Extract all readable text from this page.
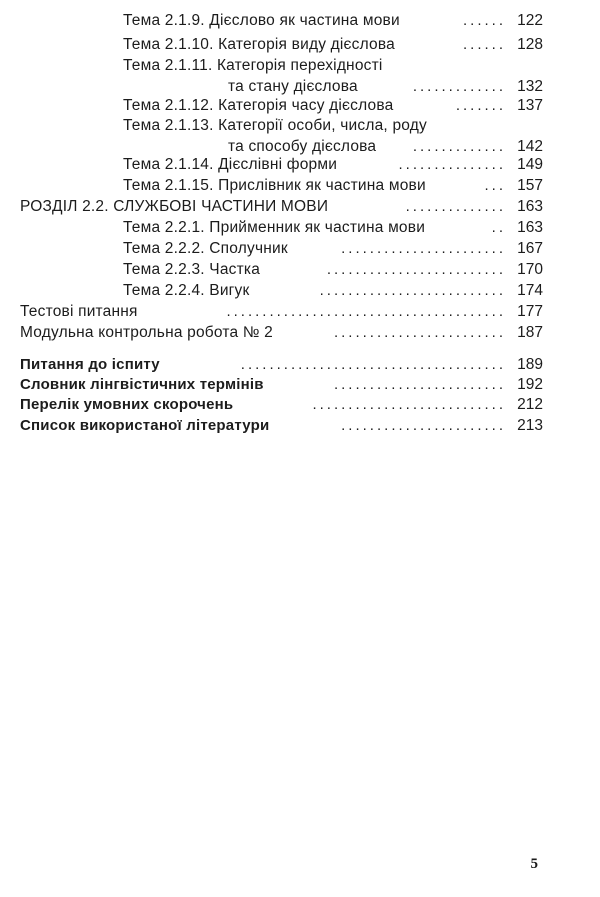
Тема 2.1.9. Дієслово як частина мови	...... 122
Тема 2.1.10. Категорія виду дієслова	...... 128
Тема 2.1.11. Категорія перехідності
та стану дієслова	............. 132
Тема 2.1.12. Категорія часу дієслова	....... 137
Тема 2.1.13. Категорії особи, числа, роду
та способу дієслова	............. 142
Тема 2.1.14. Дієслівні форми	............... 149
Тема 2.1.15. Прислівник як частина мови	... 157
РОЗДІЛ 2.2. СЛУЖБОВІ ЧАСТИНИ МОВИ	.............. 163
Тема 2.2.1. Прийменник як частина мови	.. 163
Тема 2.2.2. Сполучник	....................... 167
Тема 2.2.3. Частка	......................... 170
Тема 2.2.4. Вигук	.......................... 174
Тестові питання	....................................... 177
Модульна контрольна робота № 2	........................ 187
Питання до іспиту	..................................... 189
Словник лінгвістичних термінів	........................ 192
Перелік умовних скорочень	........................... 212
Список використаної літератури	....................... 213
5
